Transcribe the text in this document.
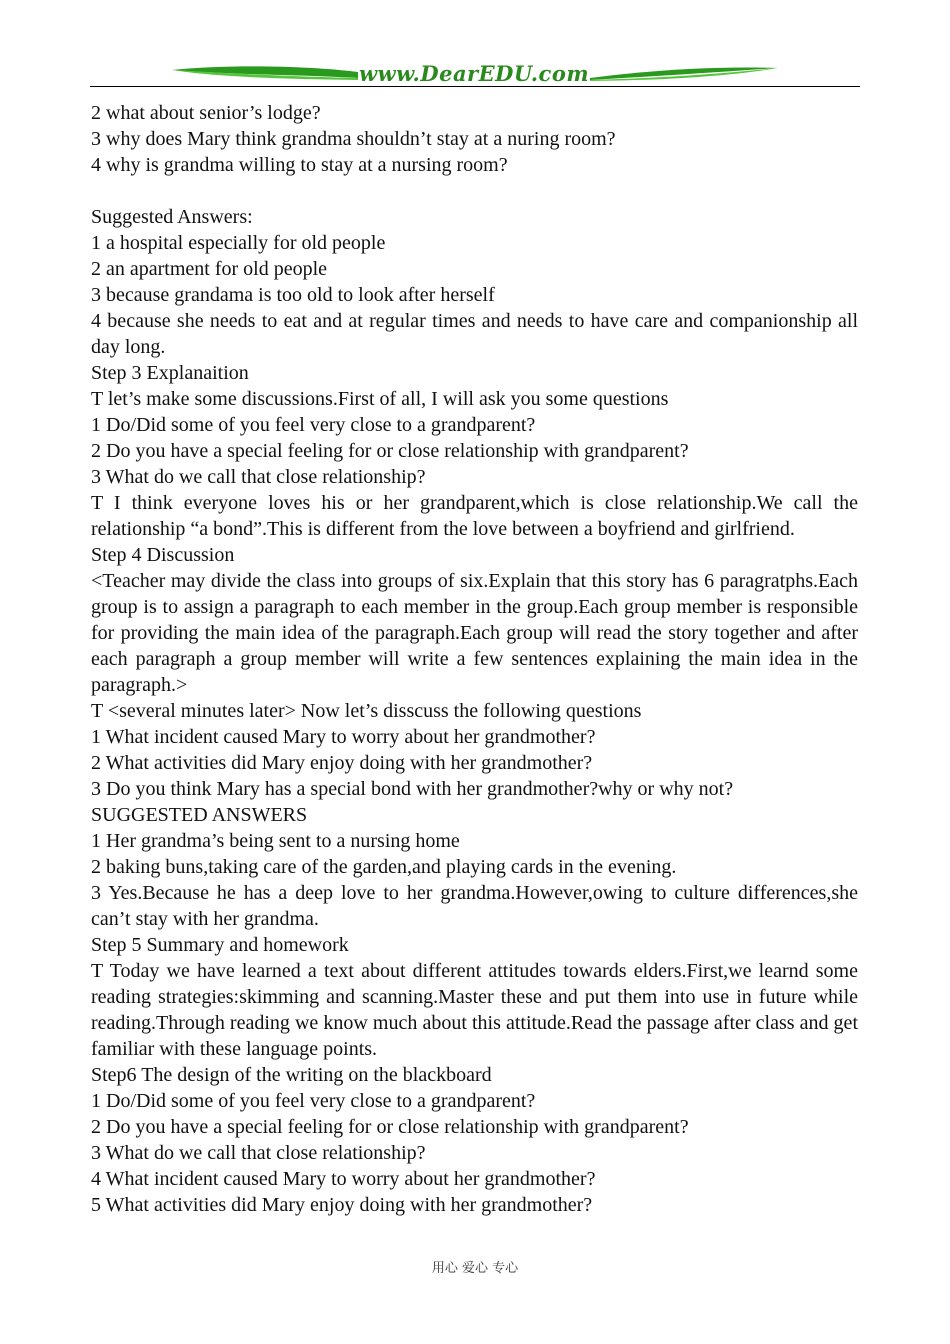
www.DearEDU.com

2 what about senior’s lodge?

3 why does Mary think grandma shouldn’t stay at a nuring room?

4 why is grandma willing to stay at a nursing room?

Suggested Answers:

1 a hospital especially for old people

2 an apartment for old people

3 because grandama is too old to look after herself

4 because she needs to eat and at regular times and needs to have care and companionship all day long.

Step 3 Explanaition

T let’s make some discussions.First of all, I will ask you some questions

1 Do/Did some of you feel very close to a grandparent?

2 Do you have a special feeling for or close relationship with grandparent?

3 What do we call that close relationship?

T I think everyone loves his or her grandparent,which is close relationship.We call the relationship “a bond”.This is different from the love between a boyfriend and girlfriend.

Step 4 Discussion

<Teacher may divide the class into groups of six.Explain that this story has 6 paragratphs.Each group is to assign a paragraph to each member in the group.Each group member is responsible for providing the main idea of the paragraph.Each group will read the story together and after each paragraph a group member will write a few sentences explaining the main idea in the paragraph.>

T <several minutes later> Now let’s disscuss the following questions

1 What incident caused Mary to worry about her grandmother?

2 What activities did Mary enjoy doing with her grandmother?

3 Do you think Mary has a special bond with her grandmother?why or why not?

SUGGESTED ANSWERS

1 Her grandma’s being sent to a nursing home

2 baking buns,taking care of the garden,and playing cards in the evening.

3 Yes.Because he has a deep love to her grandma.However,owing to culture differences,she can’t stay with her grandma.

Step 5 Summary and homework

T Today we have learned a text about different attitudes towards elders.First,we learnd some reading strategies:skimming and scanning.Master these and put them into use in future while reading.Through reading we know much about this attitude.Read the passage after class and get familiar with these language points.

Step6 The design of the writing on the blackboard

1 Do/Did some of you feel very close to a grandparent?

2 Do you have a special feeling for or close relationship with grandparent?

3 What do we call that close relationship?

4 What incident caused Mary to worry about her grandmother?

5 What activities did Mary enjoy doing with her grandmother?

用心 爱心 专心
